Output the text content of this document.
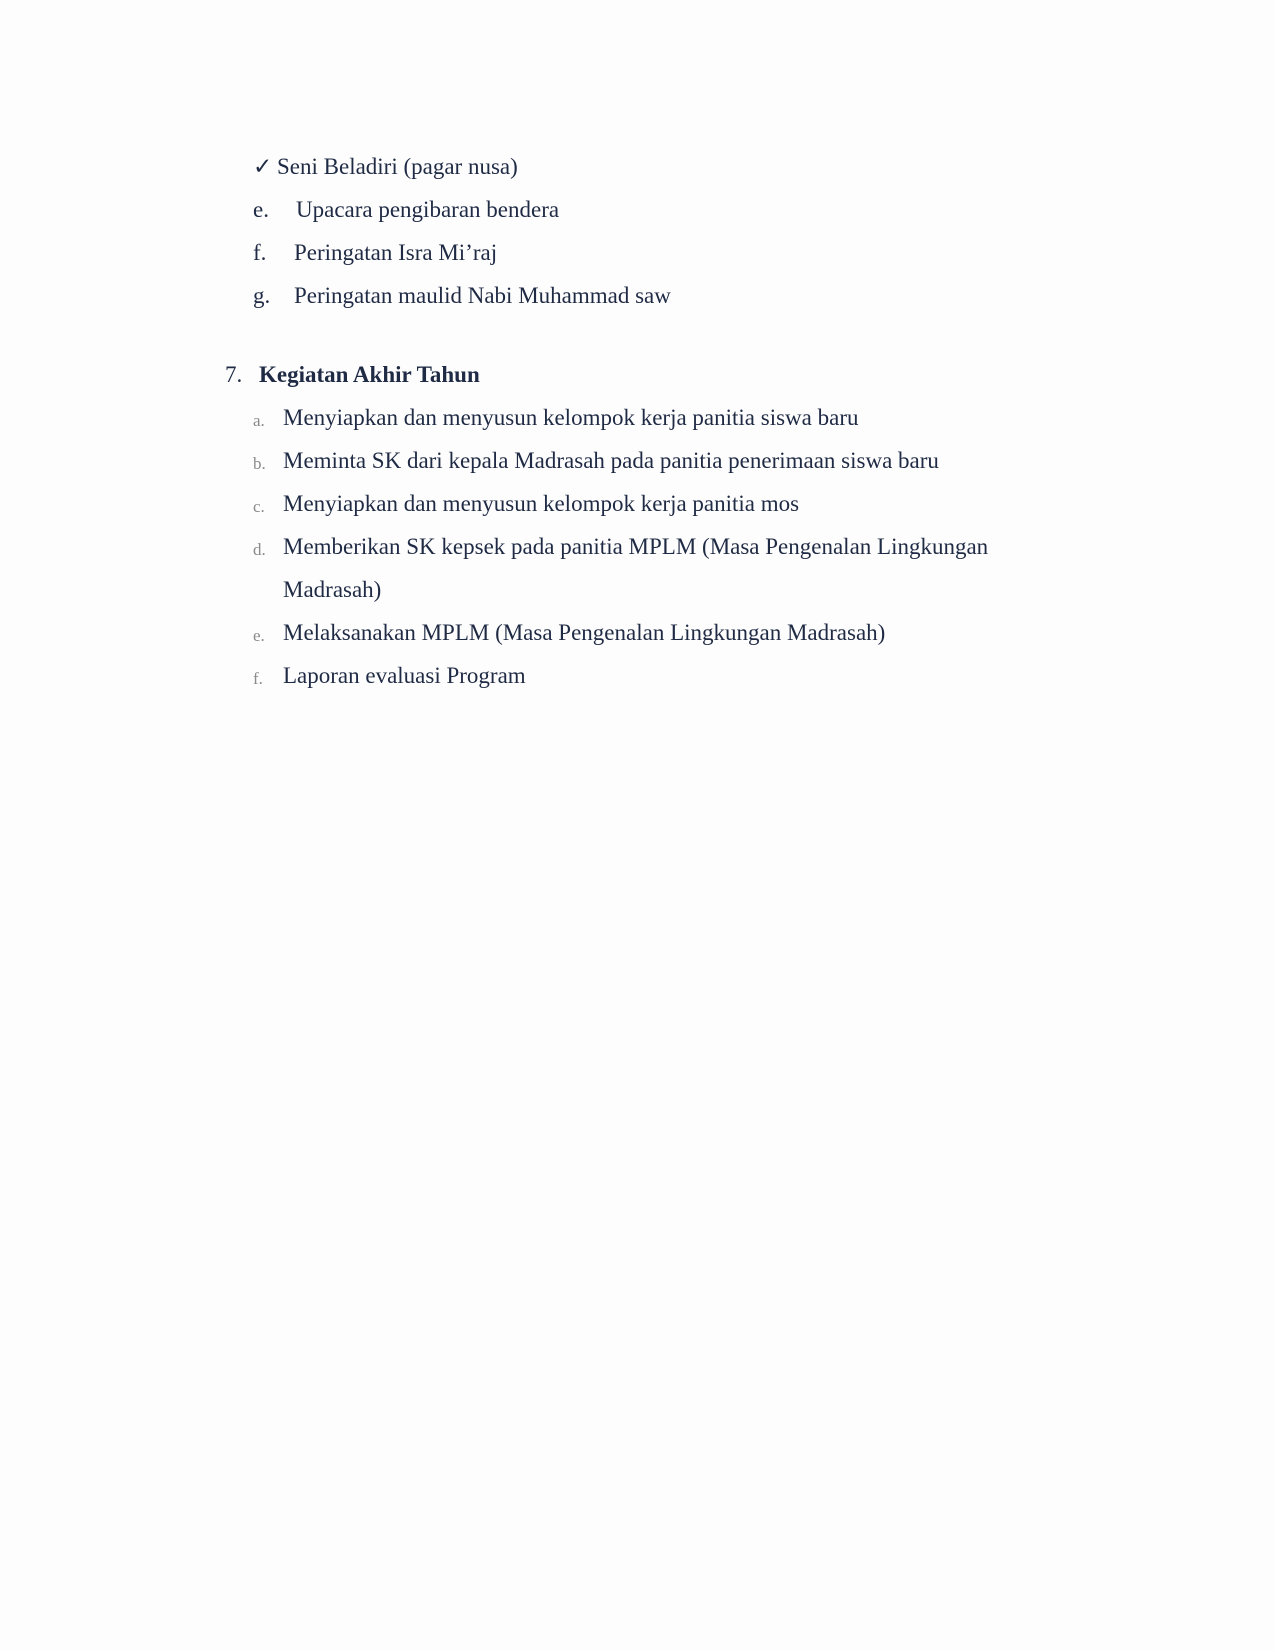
✓ Seni Beladiri (pagar nusa)
e. Upacara pengibaran bendera
f. Peringatan Isra Mi’raj
g. Peringatan maulid Nabi Muhammad saw
7. Kegiatan Akhir Tahun
a. Menyiapkan dan menyusun kelompok kerja panitia siswa baru
b. Meminta SK dari kepala Madrasah pada panitia penerimaan siswa baru
c. Menyiapkan dan menyusun kelompok kerja panitia mos
d. Memberikan SK kepsek pada panitia MPLM (Masa Pengenalan Lingkungan
Madrasah)
e. Melaksanakan MPLM (Masa Pengenalan Lingkungan Madrasah)
f. Laporan evaluasi Program
